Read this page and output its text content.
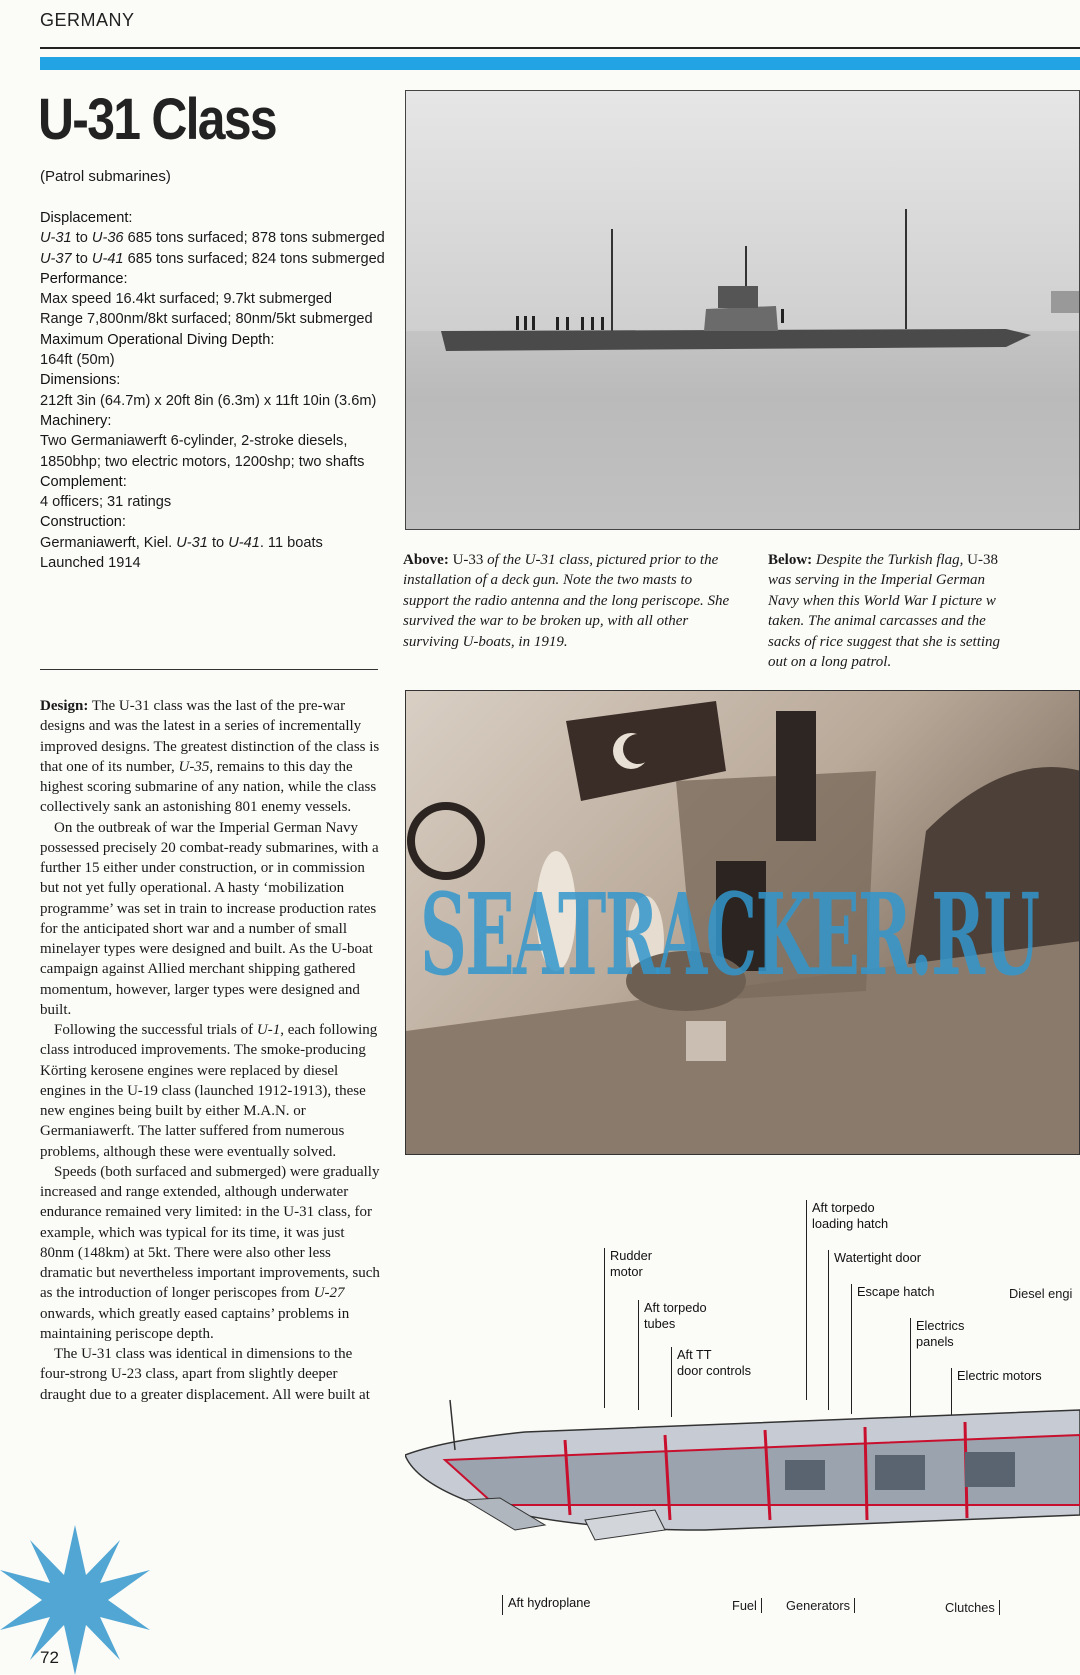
GERMANY
U-31 Class
(Patrol submarines)
Displacement:
U-31 to U-36 685 tons surfaced; 878 tons submerged
U-37 to U-41 685 tons surfaced; 824 tons submerged
Performance:
Max speed 16.4kt surfaced; 9.7kt submerged
Range 7,800nm/8kt surfaced; 80nm/5kt submerged
Maximum Operational Diving Depth:
164ft (50m)
Dimensions:
212ft 3in (64.7m) x 20ft 8in (6.3m) x 11ft 10in (3.6m)
Machinery:
Two Germaniawerft 6-cylinder, 2-stroke diesels, 1850bhp; two electric motors, 1200shp; two shafts
Complement:
4 officers; 31 ratings
Construction:
Germaniawerft, Kiel. U-31 to U-41. 11 boats
Launched 1914

Design: The U-31 class was the last of the pre-war designs and was the latest in a series of incrementally improved designs. The greatest distinction of the class is that one of its number, U-35, remains to this day the highest scoring submarine of any nation, while the class collectively sank an astonishing 801 enemy vessels.

On the outbreak of war the Imperial German Navy possessed precisely 20 combat-ready submarines, with a further 15 either under construction, or in commission but not yet fully operational. A hasty ‘mobilization programme’ was set in train to increase production rates for the anticipated short war and a number of small minelayer types were designed and built. As the U-boat campaign against Allied merchant shipping gathered momentum, however, larger types were designed and built.

Following the successful trials of U-1, each following class introduced improvements. The smoke-producing Körting kerosene engines were replaced by diesel engines in the U-19 class (launched 1912-1913), these new engines being built by either M.A.N. or Germaniawerft. The latter suffered from numerous problems, although these were eventually solved.

Speeds (both surfaced and submerged) were gradually increased and range extended, although underwater endurance remained very limited: in the U-31 class, for example, which was typical for its time, it was just 80nm (148km) at 5kt. There were also other less dramatic but nevertheless important improvements, such as the introduction of longer periscopes from U-27 onwards, which greatly eased captains’ problems in maintaining periscope depth.

The U-31 class was identical in dimensions to the four-strong U-23 class, apart from slightly deeper draught due to a greater displacement. All were built at

Above: U-33 of the U-31 class, pictured prior to the installation of a deck gun. Note the two masts to support the radio antenna and the long periscope. She survived the war to be broken up, with all other surviving U-boats, in 1919.
Below: Despite the Turkish flag, U-38
was serving in the Imperial German
Navy when this World War I picture w
taken. The animal carcasses and the
sacks of rice suggest that she is setting
out on a long patrol.
Aft torpedo
loading hatch
Rudder
motor
Watertight door
Aft torpedo
tubes
Escape hatch	Diesel engi
Electrics
panels
Aft TT
door controls	Electric motors
Aft hydroplane	Fuel	Generators	Clutches
SEATRACKER.RU
72
